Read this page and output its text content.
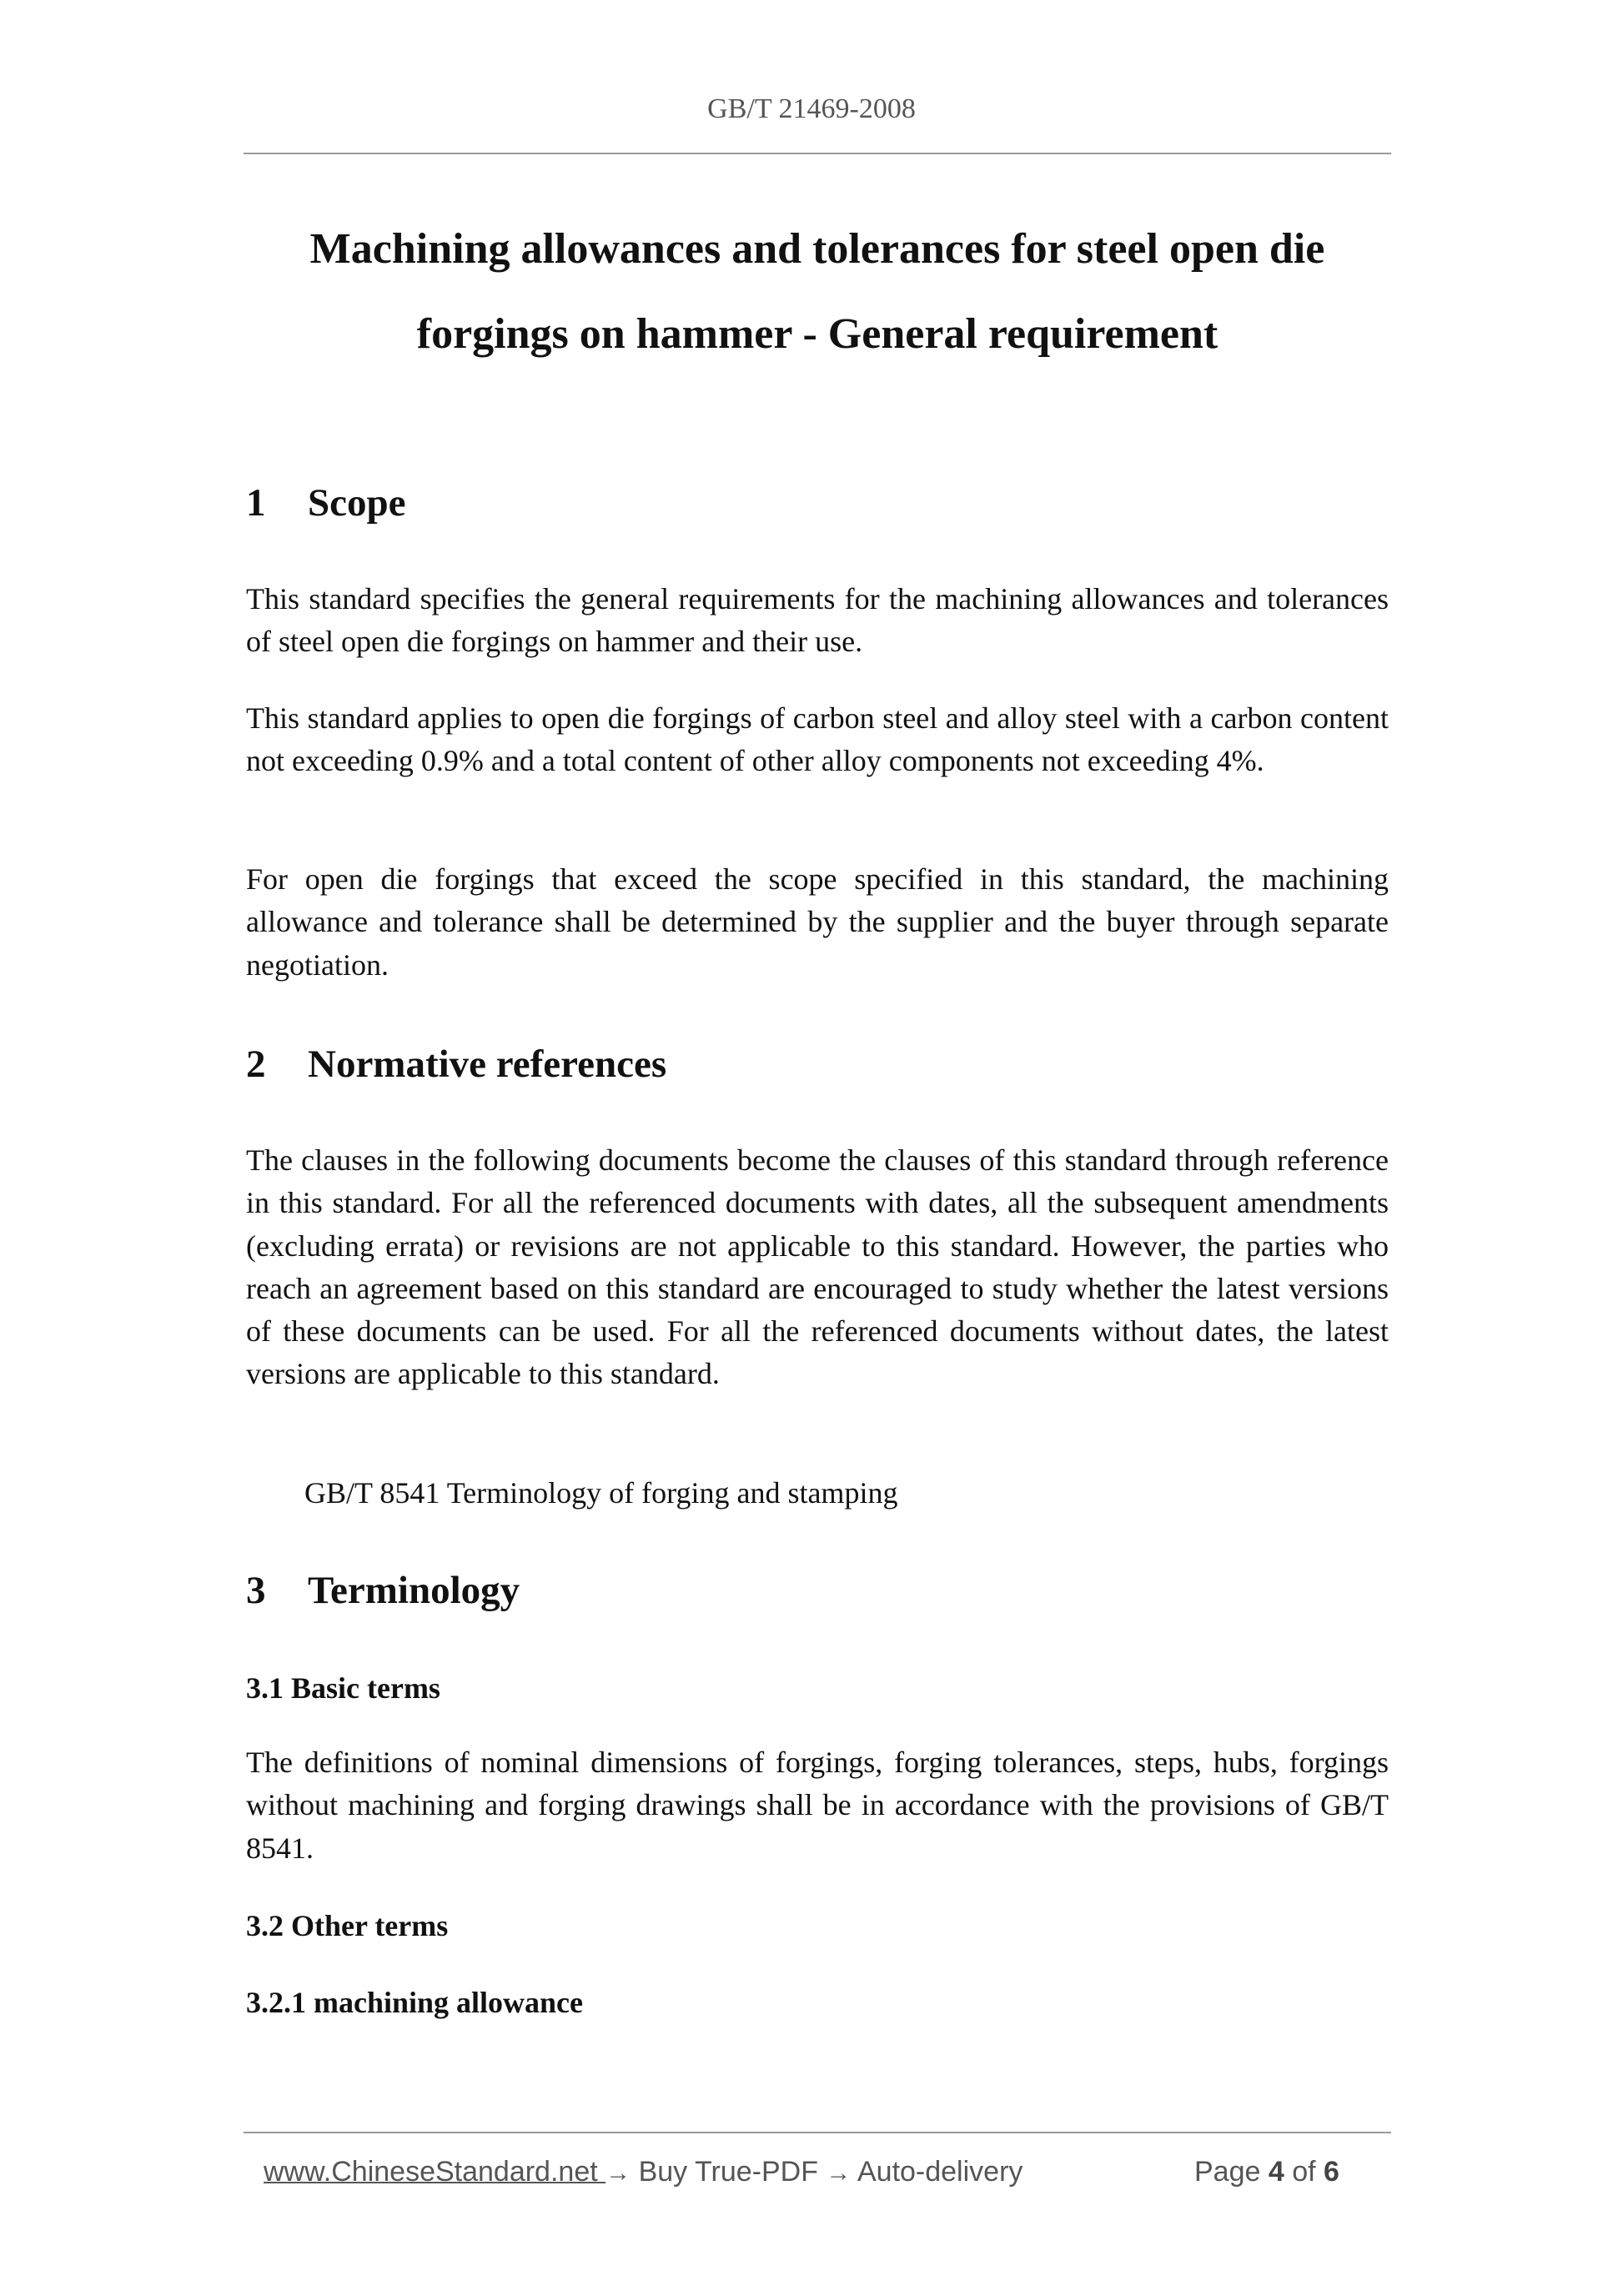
GB/T 21469-2008
Machining allowances and tolerances for steel open die
forgings on hammer - General requirement
1 Scope
This standard specifies the general requirements for the machining allowances and tolerances of steel open die forgings on hammer and their use.
This standard applies to open die forgings of carbon steel and alloy steel with a carbon content not exceeding 0.9% and a total content of other alloy components not exceeding 4%.
For open die forgings that exceed the scope specified in this standard, the machining allowance and tolerance shall be determined by the supplier and the buyer through separate negotiation.
2 Normative references
The clauses in the following documents become the clauses of this standard through reference in this standard. For all the referenced documents with dates, all the subsequent amendments (excluding errata) or revisions are not applicable to this standard. However, the parties who reach an agreement based on this standard are encouraged to study whether the latest versions of these documents can be used. For all the referenced documents without dates, the latest versions are applicable to this standard.
GB/T 8541 Terminology of forging and stamping
3 Terminology
3.1 Basic terms
The definitions of nominal dimensions of forgings, forging tolerances, steps, hubs, forgings without machining and forging drawings shall be in accordance with the provisions of GB/T 8541.
3.2 Other terms
3.2.1 machining allowance
www.ChineseStandard.net → Buy True-PDF → Auto-delivery	Page 4 of 6
